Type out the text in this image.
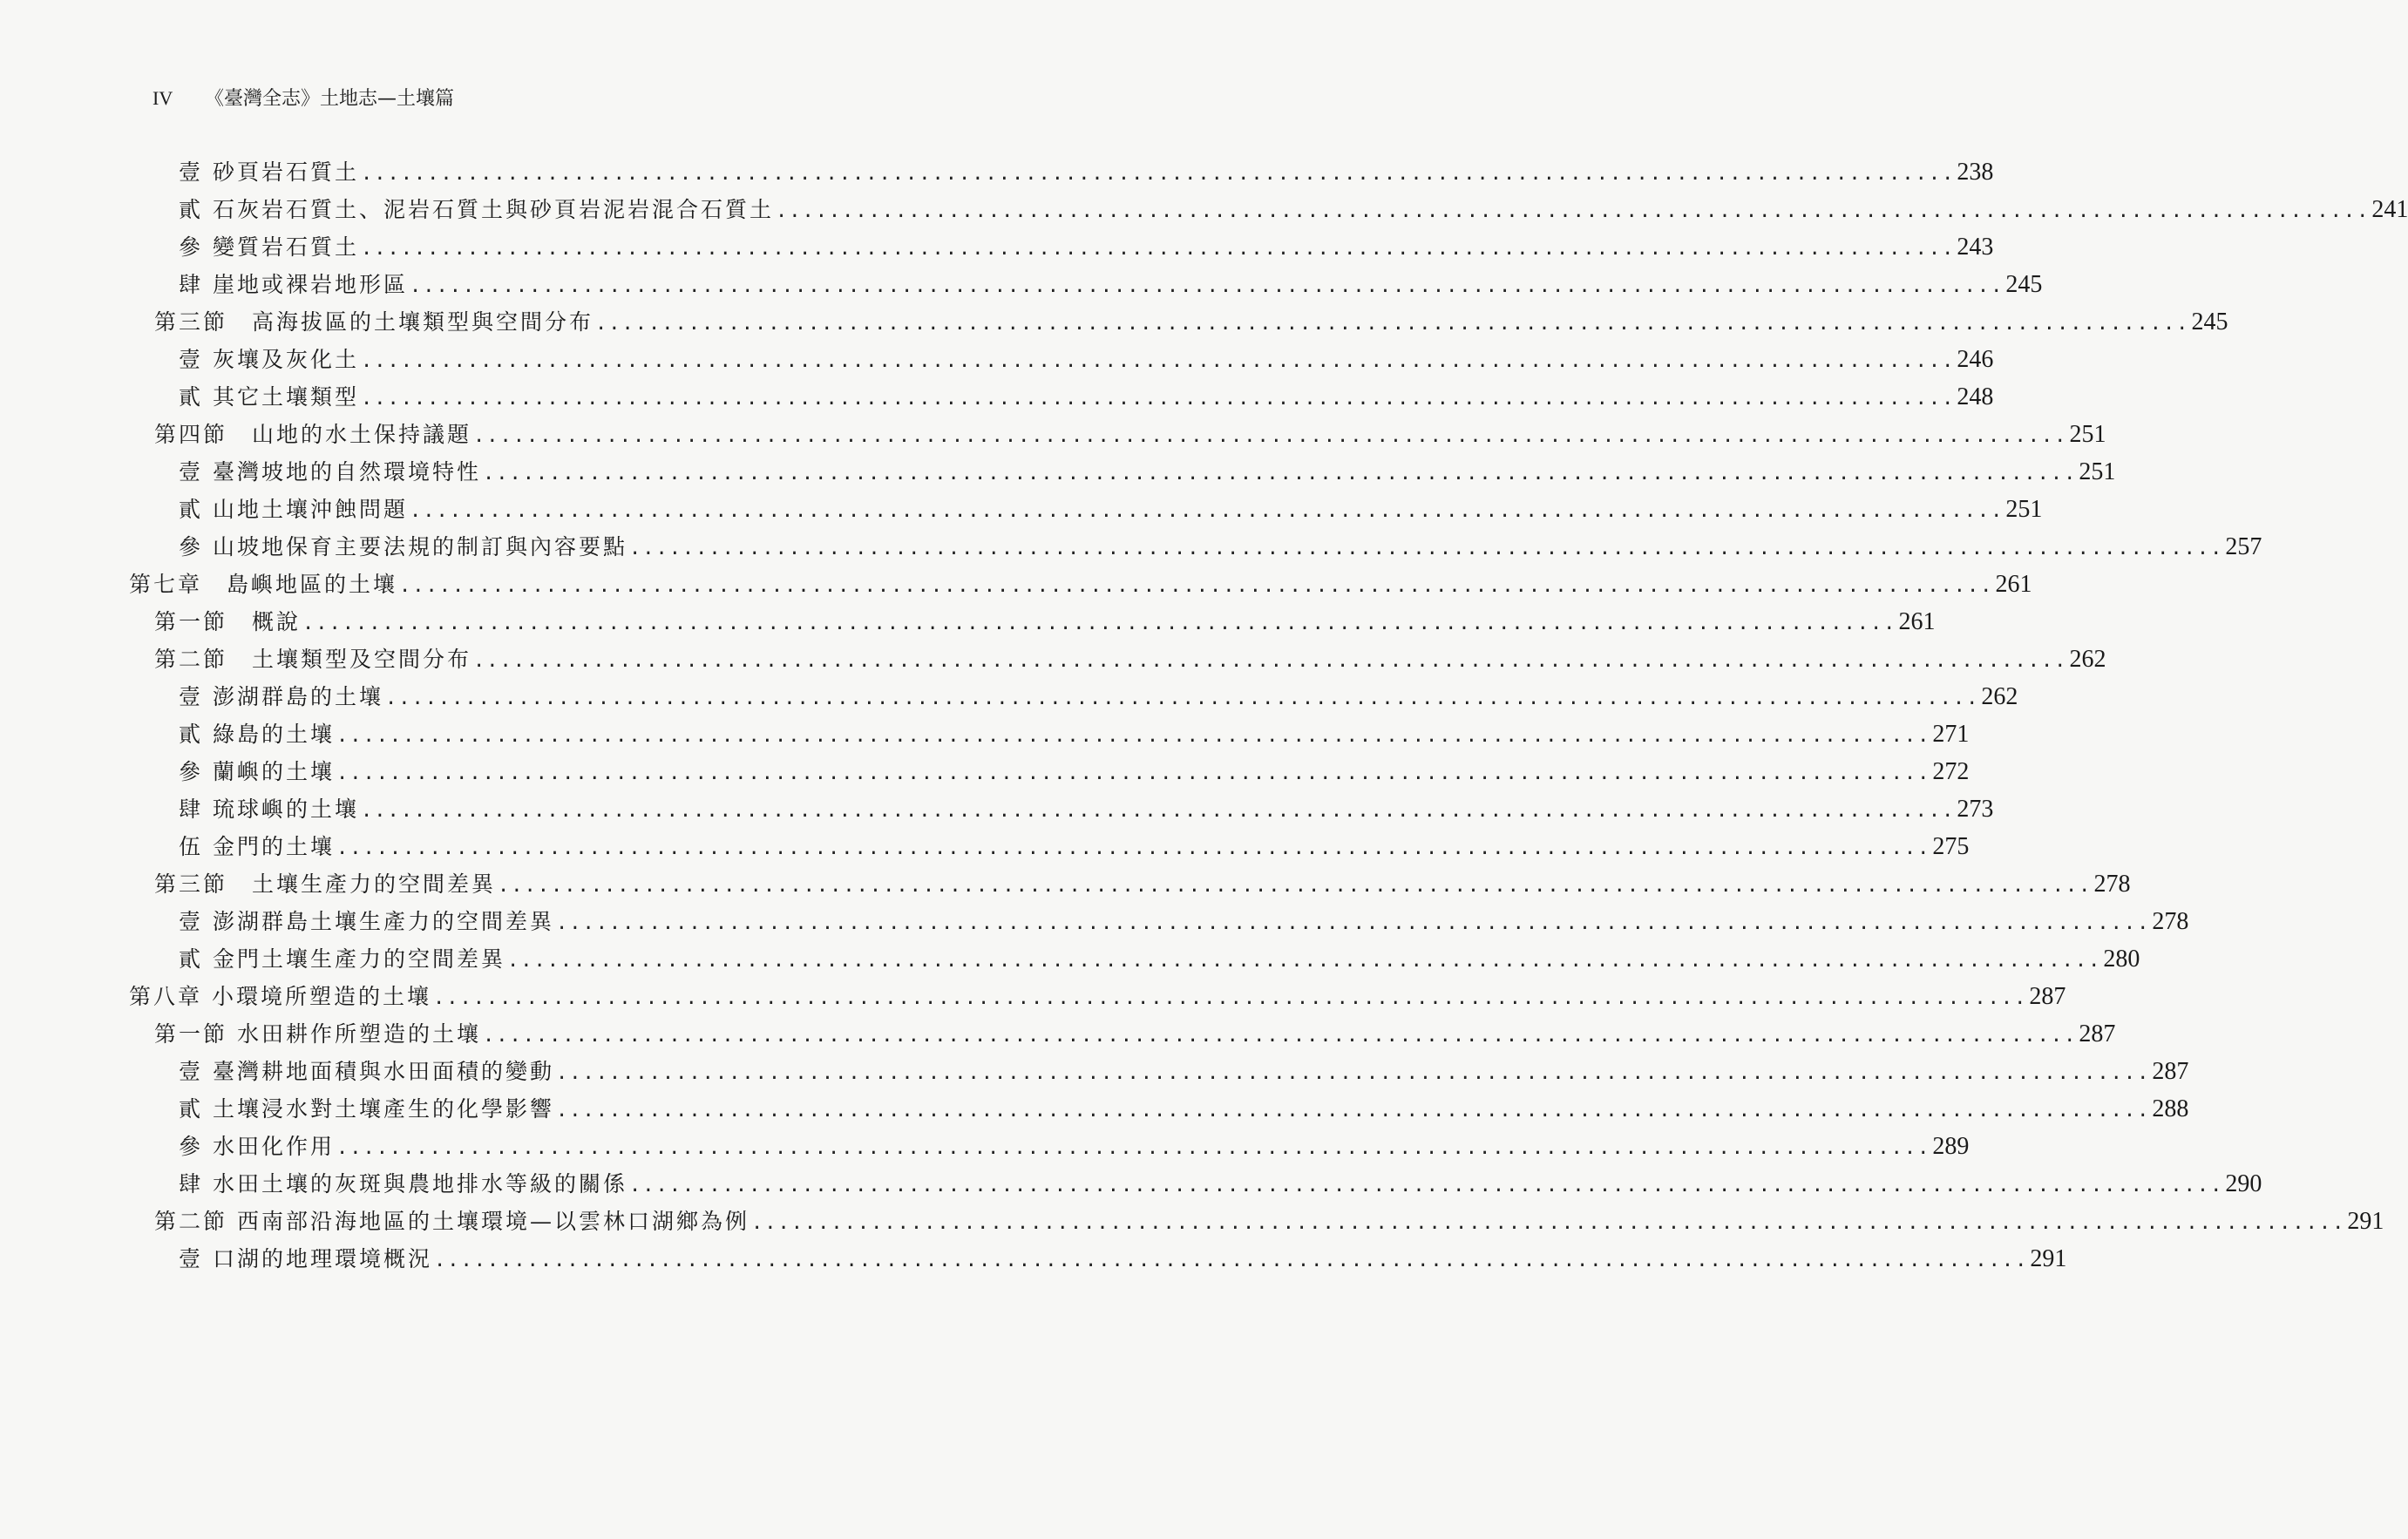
IV	《臺灣全志》土地志—土壤篇
壹 砂頁岩石質土 ........................................................................................................................ 238
貳 石灰岩石質土、泥岩石質土與砂頁岩泥岩混合石質土 ........................................................................................................................ 241
參 變質岩石質土 ........................................................................................................................ 243
肆 崖地或裸岩地形區 ........................................................................................................................ 245
第三節　高海拔區的土壤類型與空間分布 ........................................................................................................................ 245
壹 灰壤及灰化土 ........................................................................................................................ 246
貳 其它土壤類型 ........................................................................................................................ 248
第四節　山地的水土保持議題 ........................................................................................................................ 251
壹 臺灣坡地的自然環境特性 ........................................................................................................................ 251
貳 山地土壤沖蝕問題 ........................................................................................................................ 251
參 山坡地保育主要法規的制訂與內容要點 ........................................................................................................................ 257
第七章　島嶼地區的土壤 ........................................................................................................................ 261
第一節　概說 ........................................................................................................................ 261
第二節　土壤類型及空間分布 ........................................................................................................................ 262
壹 澎湖群島的土壤 ........................................................................................................................ 262
貳 綠島的土壤 ........................................................................................................................ 271
參 蘭嶼的土壤 ........................................................................................................................ 272
肆 琉球嶼的土壤 ........................................................................................................................ 273
伍 金門的土壤 ........................................................................................................................ 275
第三節　土壤生產力的空間差異 ........................................................................................................................ 278
壹 澎湖群島土壤生產力的空間差異 ........................................................................................................................ 278
貳 金門土壤生產力的空間差異 ........................................................................................................................ 280
第八章 小環境所塑造的土壤 ........................................................................................................................ 287
第一節 水田耕作所塑造的土壤 ........................................................................................................................ 287
壹 臺灣耕地面積與水田面積的變動 ........................................................................................................................ 287
貳 土壤浸水對土壤產生的化學影響 ........................................................................................................................ 288
參 水田化作用 ........................................................................................................................ 289
肆 水田土壤的灰斑與農地排水等級的關係 ........................................................................................................................ 290
第二節 西南部沿海地區的土壤環境—以雲林口湖鄉為例 ........................................................................................................................ 291
壹 口湖的地理環境概況 ........................................................................................................................ 291
